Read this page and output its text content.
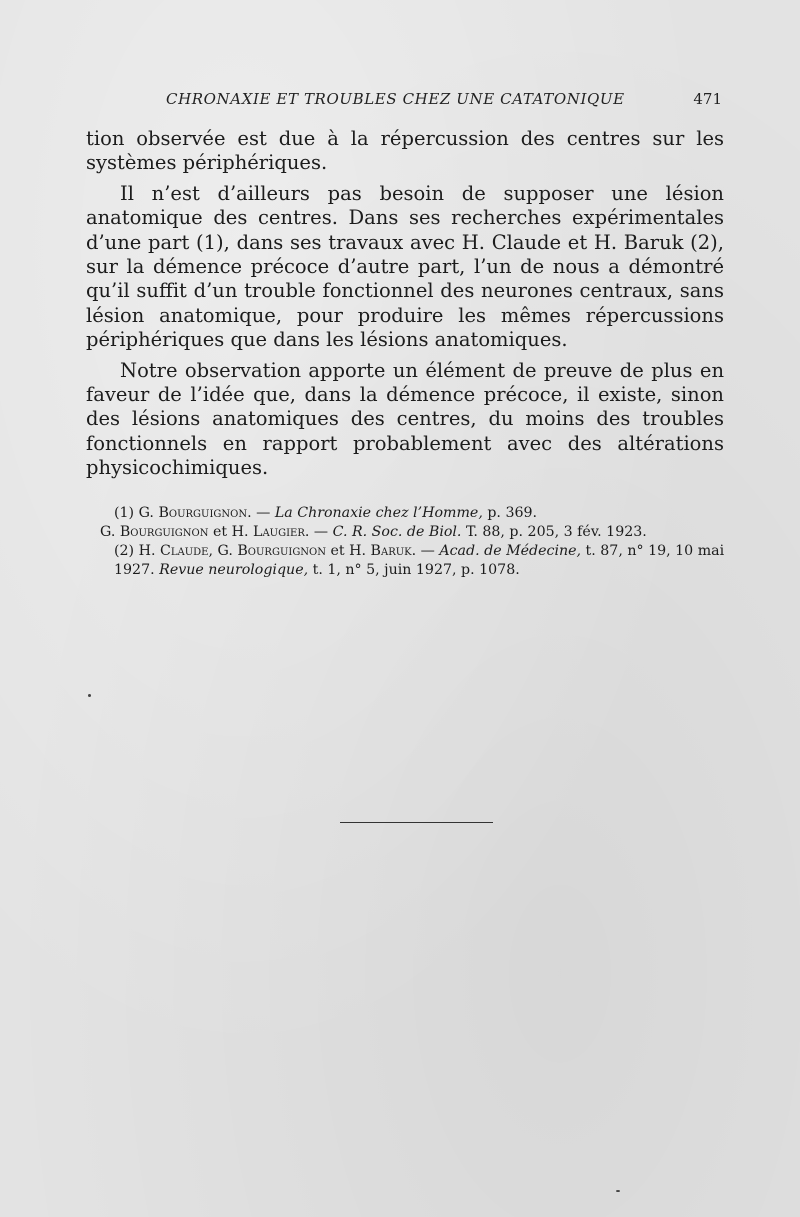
CHRONAXIE ET TROUBLES CHEZ UNE CATATONIQUE	471

tion observée est due à la répercussion des centres sur les systèmes périphériques.

Il n’est d’ailleurs pas besoin de supposer une lésion anatomique des centres. Dans ses recherches expérimentales d’une part (1), dans ses travaux avec H. Claude et H. Baruk (2), sur la démence précoce d’autre part, l’un de nous a démontré qu’il suffit d’un trouble fonctionnel des neurones centraux, sans lésion anatomique, pour produire les mêmes répercussions périphériques que dans les lésions anatomiques.

Notre observation apporte un élément de preuve de plus en faveur de l’idée que, dans la démence précoce, il existe, sinon des lésions anatomiques des centres, du moins des troubles fonctionnels en rapport probablement avec des altérations physicochimiques.

(1) G. Bourguignon. — La Chronaxie chez l’Homme, p. 369.

G. Bourguignon et H. Laugier. — C. R. Soc. de Biol. T. 88, p. 205, 3 fév. 1923.

(2) H. Claude, G. Bourguignon et H. Baruk. — Acad. de Médecine, t. 87, n° 19, 10 mai 1927. Revue neurologique, t. 1, n° 5, juin 1927, p. 1078.
